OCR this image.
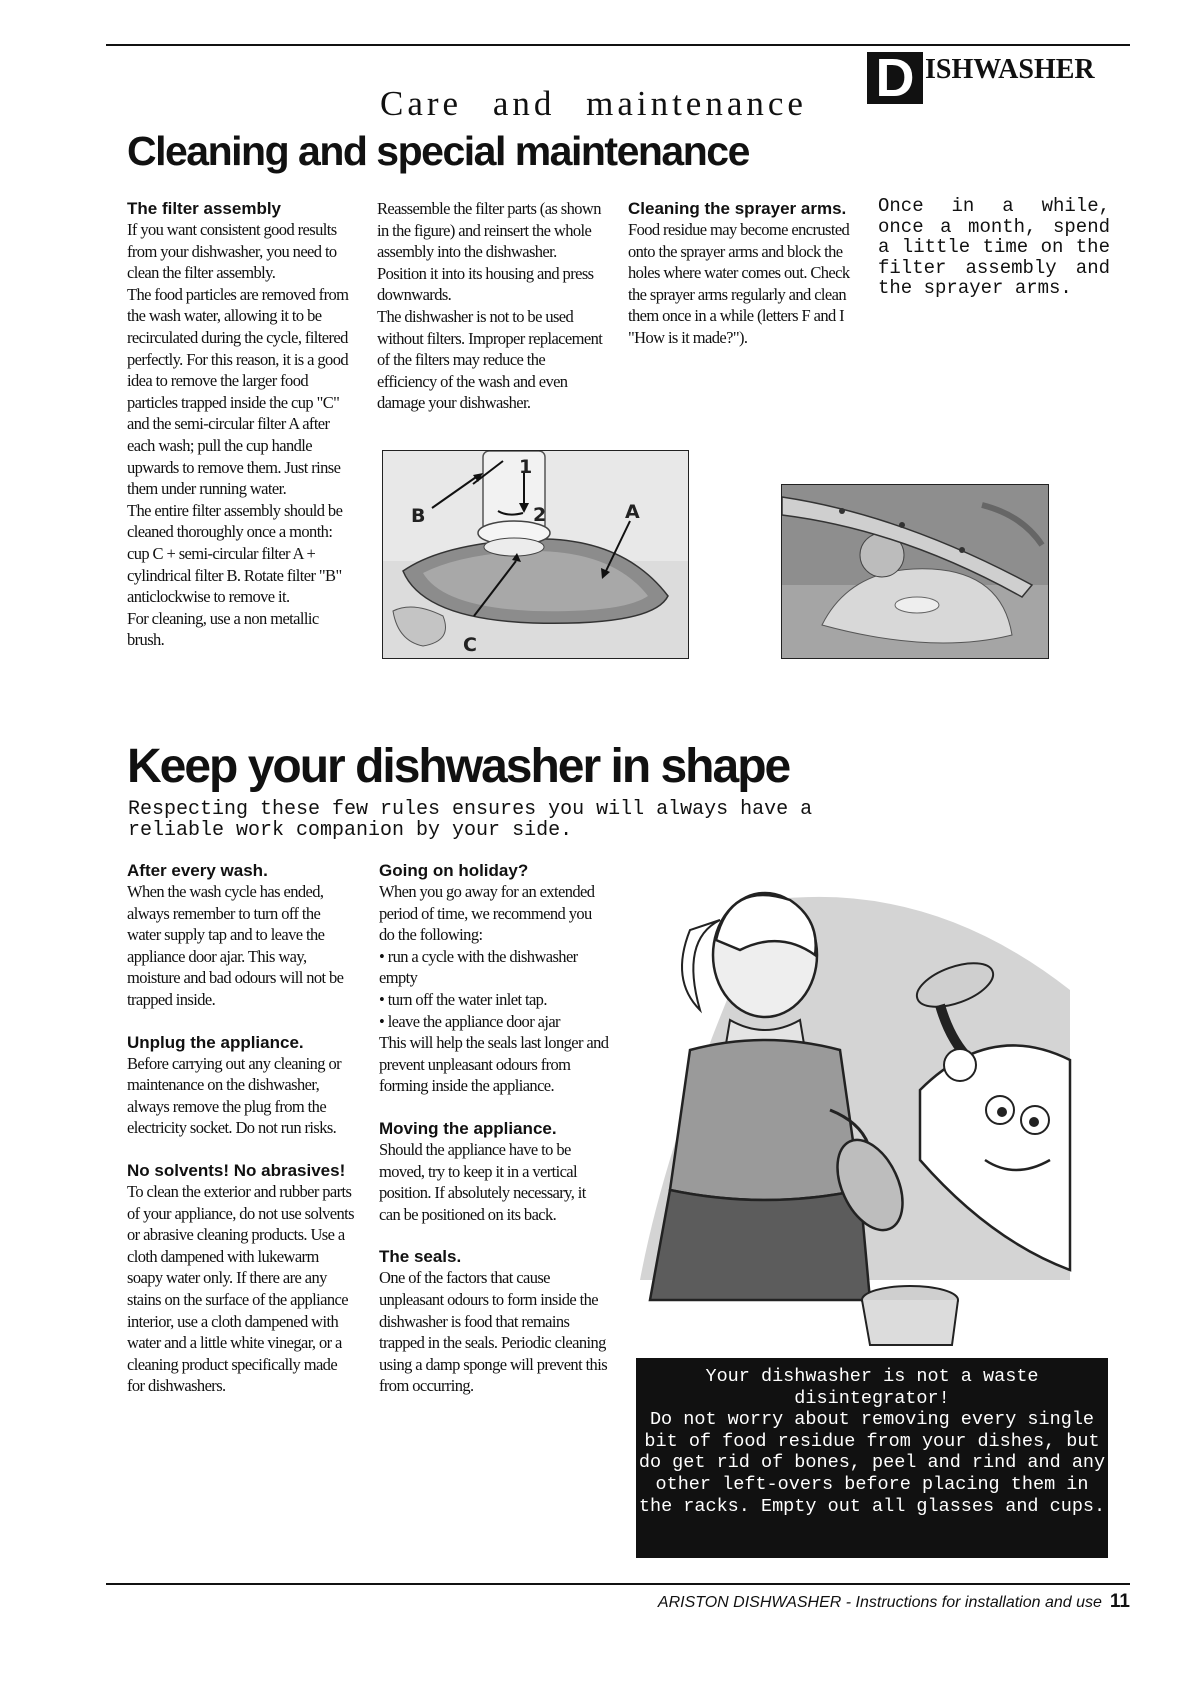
D ISHWASHER
Care and maintenance
Cleaning and special maintenance

The filter assembly

If you want consistent good results from your dishwasher, you need to clean the filter assembly.

The food particles are removed from the wash water, allowing it to be recirculated during the cycle, filtered perfectly. For this reason, it is a good idea to remove the larger food particles trapped inside the cup "C" and the semi-circular filter A after each wash; pull the cup handle upwards to remove them. Just rinse them under running water.

The entire filter assembly should be cleaned thoroughly once a month: cup C + semi-circular filter A + cylindrical filter B. Rotate filter "B" anticlockwise to remove it.

For cleaning, use a non metallic brush.

Reassemble the filter parts (as shown in the figure) and reinsert the whole assembly into the dishwasher. Position it into its housing and press downwards.

The dishwasher is not to be used without filters. Improper replacement of the filters may reduce the efficiency of the wash and even damage your dishwasher.

Cleaning the sprayer arms.

Food residue may become encrusted onto the sprayer arms and block the holes where water comes out. Check the sprayer arms regularly and clean them once in a while (letters F and I "How is it made?").

Once in a while, once a month, spend a little time on the filter assembly and the sprayer arms.

1
2	A
B
C
Keep your dishwasher in shape

Respecting these few rules ensures you will always have a reliable work companion by your side.

After every wash.

When the wash cycle has ended, always remember to turn off the water supply tap and to leave the appliance door ajar. This way, moisture and bad odours will not be trapped inside.

Unplug the appliance.

Before carrying out any cleaning or maintenance on the dishwasher, always remove the plug from the electricity socket. Do not run risks.

No solvents! No abrasives!

To clean the exterior and rubber parts of your appliance, do not use solvents or abrasive cleaning products. Use a cloth dampened with lukewarm soapy water only. If there are any stains on the surface of the appliance interior, use a cloth dampened with water and a little white vinegar, or a cleaning product specifically made for dishwashers.

Going on holiday?

When you go away for an extended period of time, we recommend you do the following:

• run a cycle with the dishwasher empty

• turn off the water inlet tap.

• leave the appliance door ajar

This will help the seals last longer and prevent unpleasant odours from forming inside the appliance.

Moving the appliance.

Should the appliance have to be moved, try to keep it in a vertical position. If absolutely necessary, it can be positioned on its back.

The seals.

One of the factors that cause unpleasant odours to form inside the dishwasher is food that remains trapped in the seals. Periodic cleaning using a damp sponge will prevent this from occurring.	Your dishwasher is not a waste disintegrator!

Do not worry about removing every single bit of food residue from your dishes, but do get rid of bones, peel and rind and any other left-overs before placing them in the racks. Empty out all glasses and cups.

ARISTON DISHWASHER - Instructions for installation and use 11
